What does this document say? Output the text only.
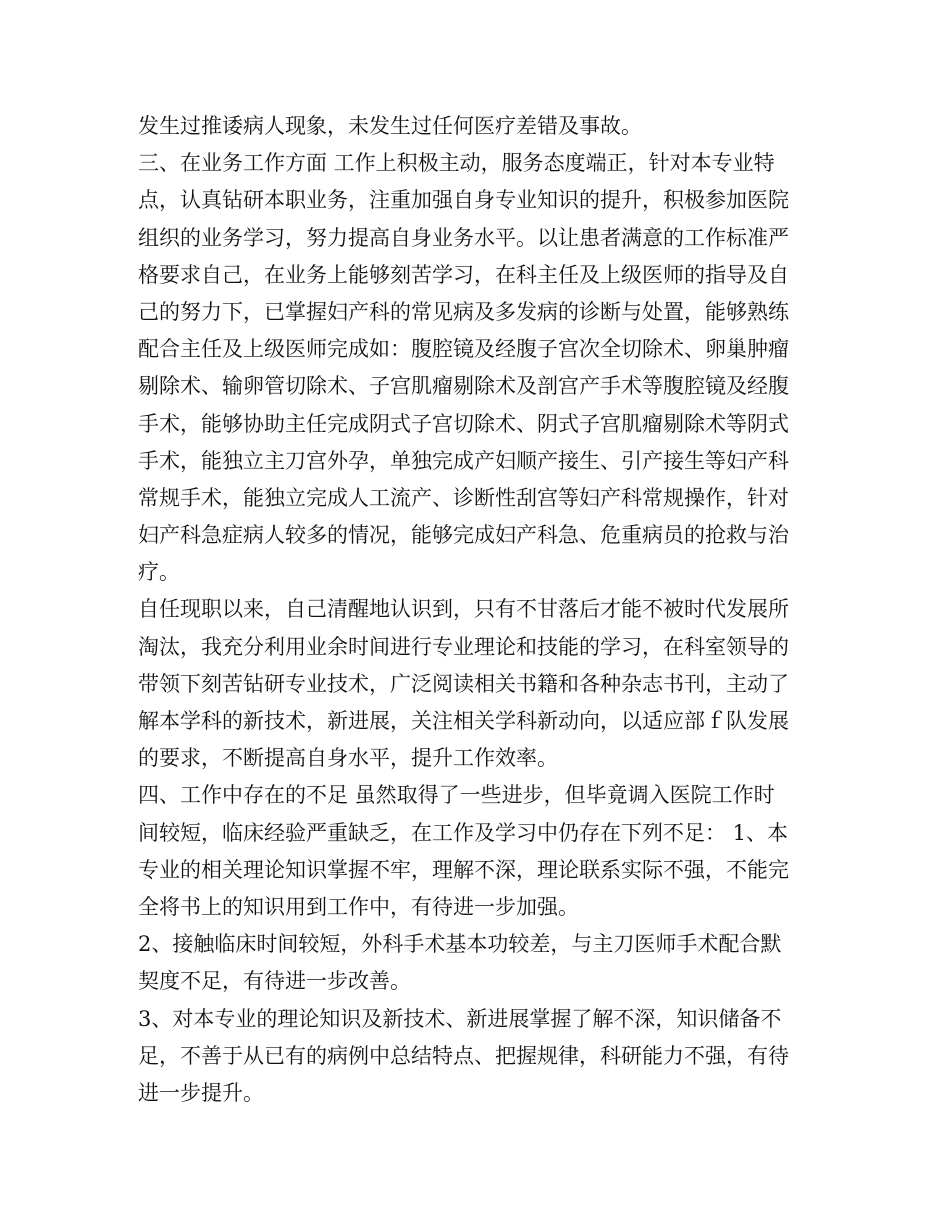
发生过推诿病人现象，未发生过任何医疗差错及事故。
三、在业务工作方面 工作上积极主动，服务态度端正，针对本专业特
点，认真钻研本职业务，注重加强自身专业知识的提升，积极参加医院
组织的业务学习，努力提高自身业务水平。以让患者满意的工作标准严
格要求自己，在业务上能够刻苦学习，在科主任及上级医师的指导及自
己的努力下，已掌握妇产科的常见病及多发病的诊断与处置，能够熟练
配合主任及上级医师完成如：腹腔镜及经腹子宫次全切除术、卵巢肿瘤
剔除术、输卵管切除术、子宫肌瘤剔除术及剖宫产手术等腹腔镜及经腹
手术，能够协助主任完成阴式子宫切除术、阴式子宫肌瘤剔除术等阴式
手术，能独立主刀宫外孕，单独完成产妇顺产接生、引产接生等妇产科
常规手术，能独立完成人工流产、诊断性刮宫等妇产科常规操作，针对
妇产科急症病人较多的情况，能够完成妇产科急、危重病员的抢救与治
疗。
自任现职以来，自己清醒地认识到，只有不甘落后才能不被时代发展所
淘汰，我充分利用业余时间进行专业理论和技能的学习，在科室领导的
带领下刻苦钻研专业技术，广泛阅读相关书籍和各种杂志书刊，主动了
解本学科的新技术，新进展，关注相关学科新动向，以适应部ｆ队发展
的要求，不断提高自身水平，提升工作效率。
四、工作中存在的不足 虽然取得了一些进步，但毕竟调入医院工作时
间较短，临床经验严重缺乏，在工作及学习中仍存在下列不足： 1、本
专业的相关理论知识掌握不牢，理解不深，理论联系实际不强，不能完
全将书上的知识用到工作中，有待进一步加强。
2、接触临床时间较短，外科手术基本功较差，与主刀医师手术配合默
契度不足，有待进一步改善。
3、对本专业的理论知识及新技术、新进展掌握了解不深，知识储备不
足，不善于从已有的病例中总结特点、把握规律，科研能力不强，有待
进一步提升。
